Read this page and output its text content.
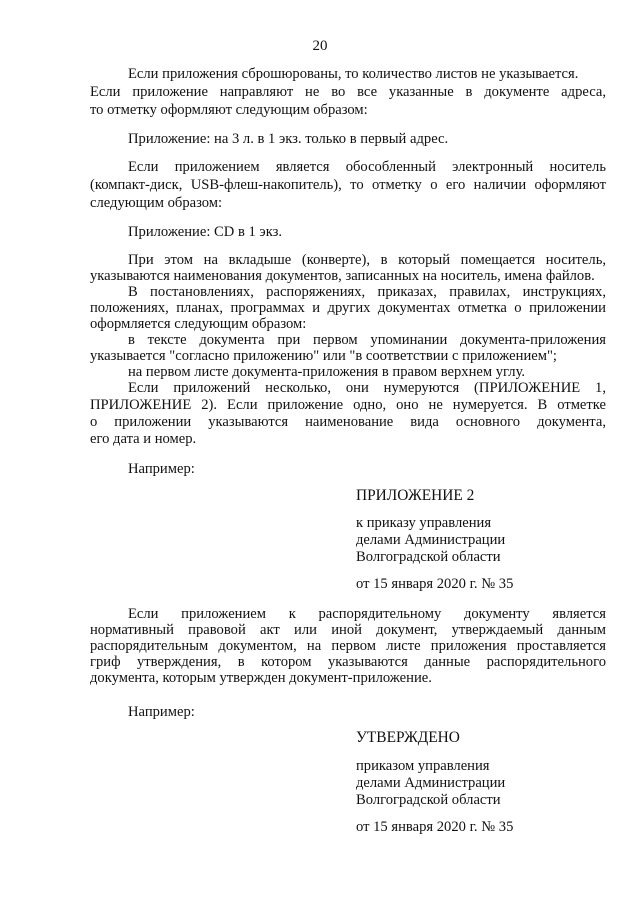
20
Если приложения сброшюрованы, то количество листов не указывается.
Если приложение направляют не во все указанные в документе адреса,
то отметку оформляют следующим образом:
Приложение: на 3 л. в 1 экз. только в первый адрес.
Если приложением является обособленный электронный носитель
(компакт-диск, USB-флеш-накопитель), то отметку о его наличии оформляют
следующим образом:
Приложение: CD в 1 экз.
При этом на вкладыше (конверте), в который помещается носитель,
указываются наименования документов, записанных на носитель, имена файлов.
В постановлениях, распоряжениях, приказах, правилах, инструкциях,
положениях, планах, программах и других документах отметка о приложении
оформляется следующим образом:
в тексте документа при первом упоминании документа-приложения
указывается "согласно приложению" или "в соответствии с приложением";
на первом листе документа-приложения в правом верхнем углу.
Если приложений несколько, они нумеруются (ПРИЛОЖЕНИЕ 1,
ПРИЛОЖЕНИЕ 2). Если приложение одно, оно не нумеруется. В отметке
о приложении указываются наименование вида основного документа,
его дата и номер.
Например:
ПРИЛОЖЕНИЕ 2
к приказу управления
делами Администрации
Волгоградской области
от 15 января 2020 г. № 35
Если приложением к распорядительному документу является
нормативный правовой акт или иной документ, утверждаемый данным
распорядительным документом, на первом листе приложения проставляется
гриф утверждения, в котором указываются данные распорядительного
документа, которым утвержден документ-приложение.
Например:
УТВЕРЖДЕНО
приказом управления
делами Администрации
Волгоградской области
от 15 января 2020 г. № 35
